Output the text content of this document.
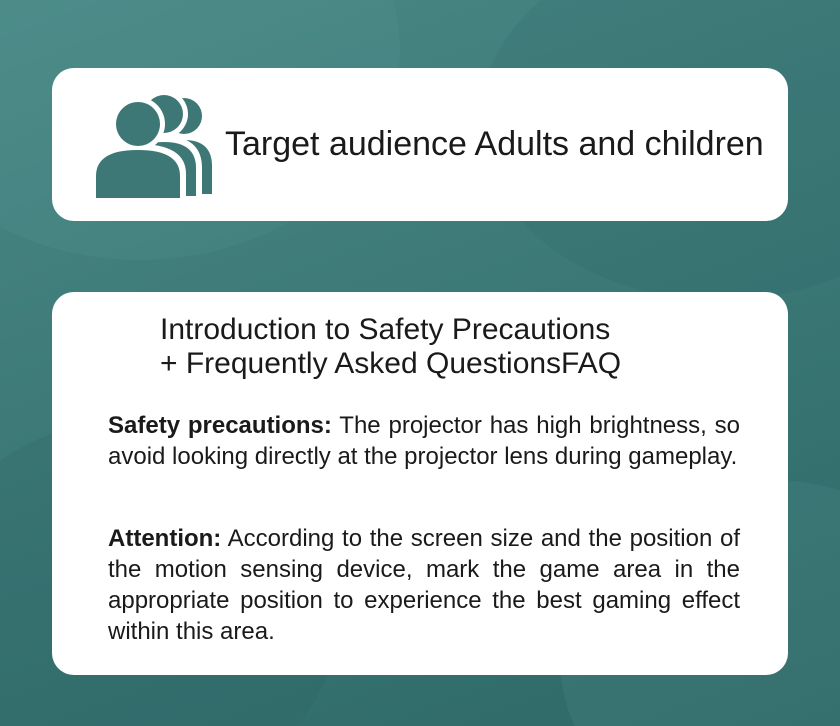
Target audience Adults and children
Introduction to Safety Precautions
+ Frequently Asked QuestionsFAQ
Safety precautions: The projector has high brightness, so avoid looking directly at the projector lens during gameplay.
Attention: According to the screen size and the position of the motion sensing device, mark the game area in the appropriate position to experience the best gaming effect within this area.
